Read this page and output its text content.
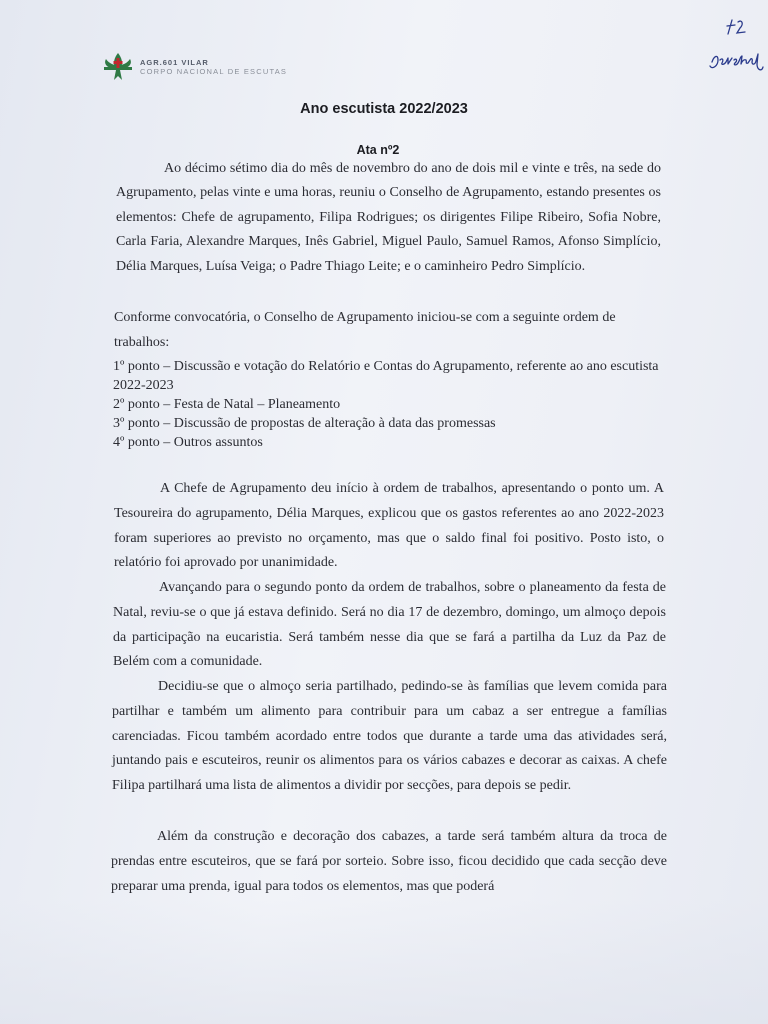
AGR.601 VILAR
CORPO NACIONAL DE ESCUTAS
Ano escutista 2022/2023
Ata nº2

Ao décimo sétimo dia do mês de novembro do ano de dois mil e vinte e três, na sede do Agrupamento, pelas vinte e uma horas, reuniu o Conselho de Agrupamento, estando presentes os elementos: Chefe de agrupamento, Filipa Rodrigues; os dirigentes Filipe Ribeiro, Sofia Nobre, Carla Faria, Alexandre Marques, Inês Gabriel, Miguel Paulo, Samuel Ramos, Afonso Simplício, Délia Marques, Luísa Veiga; o Padre Thiago Leite; e o caminheiro Pedro Simplício.

Conforme convocatória, o Conselho de Agrupamento iniciou-se com a seguinte ordem de trabalhos:

1º ponto – Discussão e votação do Relatório e Contas do Agrupamento, referente ao ano escutista 2022-2023

2º ponto – Festa de Natal – Planeamento

3º ponto – Discussão de propostas de alteração à data das promessas

4º ponto – Outros assuntos

A Chefe de Agrupamento deu início à ordem de trabalhos, apresentando o ponto um. A Tesoureira do agrupamento, Délia Marques, explicou que os gastos referentes ao ano 2022-2023 foram superiores ao previsto no orçamento, mas que o saldo final foi positivo. Posto isto, o relatório foi aprovado por unanimidade.

Avançando para o segundo ponto da ordem de trabalhos, sobre o planeamento da festa de Natal, reviu-se o que já estava definido. Será no dia 17 de dezembro, domingo, um almoço depois da participação na eucaristia. Será também nesse dia que se fará a partilha da Luz da Paz de Belém com a comunidade.

Decidiu-se que o almoço seria partilhado, pedindo-se às famílias que levem comida para partilhar e também um alimento para contribuir para um cabaz a ser entregue a famílias carenciadas. Ficou também acordado entre todos que durante a tarde uma das atividades será, juntando pais e escuteiros, reunir os alimentos para os vários cabazes e decorar as caixas. A chefe Filipa partilhará uma lista de alimentos a dividir por secções, para depois se pedir.

Além da construção e decoração dos cabazes, a tarde será também altura da troca de prendas entre escuteiros, que se fará por sorteio. Sobre isso, ficou decidido que cada secção deve preparar uma prenda, igual para todos os elementos, mas que poderá
